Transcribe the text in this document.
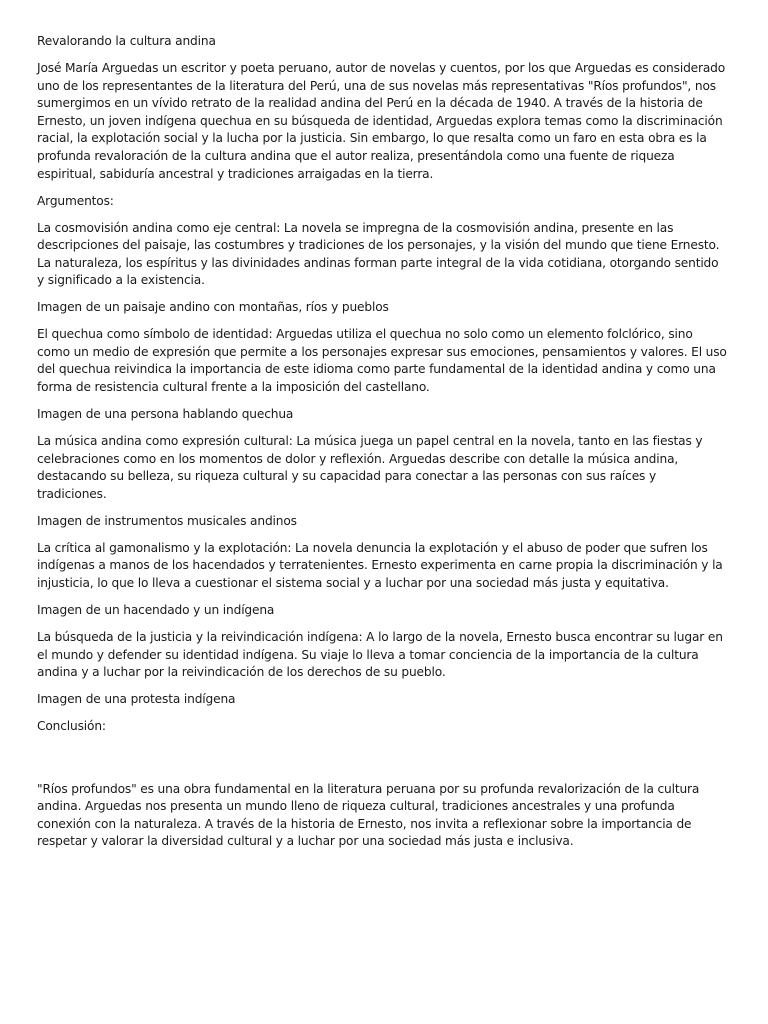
Revalorando la cultura andina

José María Arguedas un escritor y poeta peruano, autor de novelas y cuentos, por los que Arguedas es considerado uno de los representantes de la literatura del Perú, una de sus novelas más representativas "Ríos profundos", nos sumergimos en un vívido retrato de la realidad andina del Perú en la década de 1940. A través de la historia de Ernesto, un joven indígena quechua en su búsqueda de identidad, Arguedas explora temas como la discriminación racial, la explotación social y la lucha por la justicia. Sin embargo, lo que resalta como un faro en esta obra es la profunda revaloración de la cultura andina que el autor realiza, presentándola como una fuente de riqueza espiritual, sabiduría ancestral y tradiciones arraigadas en la tierra.

Argumentos:

La cosmovisión andina como eje central: La novela se impregna de la cosmovisión andina, presente en las descripciones del paisaje, las costumbres y tradiciones de los personajes, y la visión del mundo que tiene Ernesto. La naturaleza, los espíritus y las divinidades andinas forman parte integral de la vida cotidiana, otorgando sentido y significado a la existencia.

Imagen de un paisaje andino con montañas, ríos y pueblos

El quechua como símbolo de identidad: Arguedas utiliza el quechua no solo como un elemento folclórico, sino como un medio de expresión que permite a los personajes expresar sus emociones, pensamientos y valores. El uso del quechua reivindica la importancia de este idioma como parte fundamental de la identidad andina y como una forma de resistencia cultural frente a la imposición del castellano.

Imagen de una persona hablando quechua

La música andina como expresión cultural: La música juega un papel central en la novela, tanto en las fiestas y celebraciones como en los momentos de dolor y reflexión. Arguedas describe con detalle la música andina, destacando su belleza, su riqueza cultural y su capacidad para conectar a las personas con sus raíces y tradiciones.

Imagen de instrumentos musicales andinos

La crítica al gamonalismo y la explotación: La novela denuncia la explotación y el abuso de poder que sufren los indígenas a manos de los hacendados y terratenientes. Ernesto experimenta en carne propia la discriminación y la injusticia, lo que lo lleva a cuestionar el sistema social y a luchar por una sociedad más justa y equitativa.

Imagen de un hacendado y un indígena

La búsqueda de la justicia y la reivindicación indígena: A lo largo de la novela, Ernesto busca encontrar su lugar en el mundo y defender su identidad indígena. Su viaje lo lleva a tomar conciencia de la importancia de la cultura andina y a luchar por la reivindicación de los derechos de su pueblo.

Imagen de una protesta indígena

Conclusión:

"Ríos profundos" es una obra fundamental en la literatura peruana por su profunda revalorización de la cultura andina. Arguedas nos presenta un mundo lleno de riqueza cultural, tradiciones ancestrales y una profunda conexión con la naturaleza. A través de la historia de Ernesto, nos invita a reflexionar sobre la importancia de respetar y valorar la diversidad cultural y a luchar por una sociedad más justa e inclusiva.
